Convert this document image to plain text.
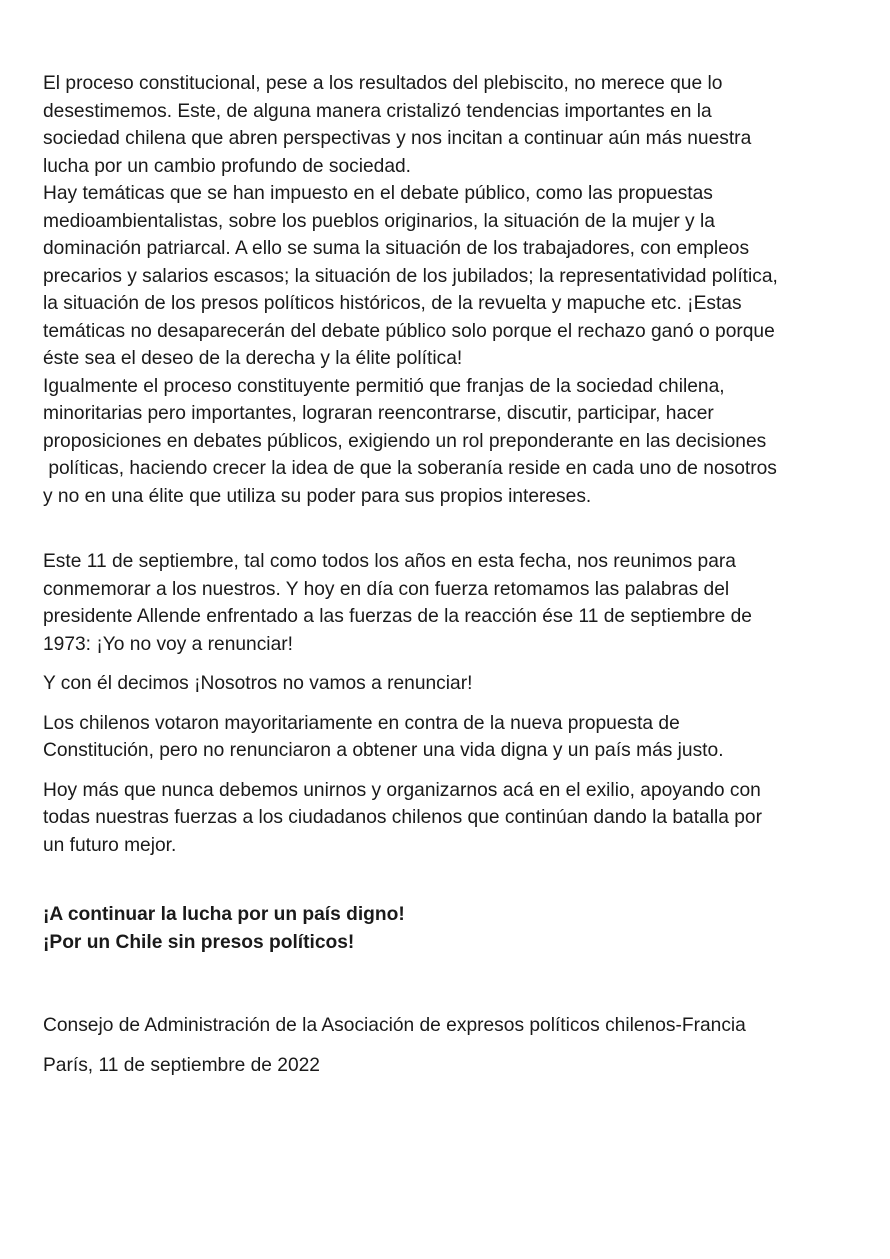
El proceso constitucional, pese a los resultados del plebiscito, no merece que lo
desestimemos. Este, de alguna manera cristalizó tendencias importantes en la
sociedad chilena que abren perspectivas y nos incitan a continuar aún más nuestra
lucha por un cambio profundo de sociedad.
Hay temáticas que se han impuesto en el debate público, como las propuestas
medioambientalistas, sobre los pueblos originarios, la situación de la mujer y la
dominación patriarcal. A ello se suma la situación de los trabajadores, con empleos
precarios y salarios escasos; la situación de los jubilados; la representatividad política,
la situación de los presos políticos históricos, de la revuelta y mapuche etc. ¡Estas
temáticas no desaparecerán del debate público solo porque el rechazo ganó o porque
éste sea el deseo de la derecha y la élite política!
Igualmente el proceso constituyente permitió que franjas de la sociedad chilena,
minoritarias pero importantes, lograran reencontrarse, discutir, participar, hacer
proposiciones en debates públicos, exigiendo un rol preponderante en las decisiones
políticas, haciendo crecer la idea de que la soberanía reside en cada uno de nosotros
y no en una élite que utiliza su poder para sus propios intereses.
Este 11 de septiembre, tal como todos los años en esta fecha, nos reunimos para
conmemorar a los nuestros. Y hoy en día con fuerza retomamos las palabras del
presidente Allende enfrentado a las fuerzas de la reacción ése 11 de septiembre de
1973: ¡Yo no voy a renunciar!
Y con él decimos ¡Nosotros no vamos a renunciar!
Los chilenos votaron mayoritariamente en contra de la nueva propuesta de
Constitución, pero no renunciaron a obtener una vida digna y un país más justo.
Hoy más que nunca debemos unirnos y organizarnos acá en el exilio, apoyando con
todas nuestras fuerzas a los ciudadanos chilenos que continúan dando la batalla por
un futuro mejor.
¡A continuar la lucha por un país digno!
¡Por un Chile sin presos políticos!
Consejo de Administración de la Asociación de expresos políticos chilenos-Francia
París, 11 de septiembre de 2022
